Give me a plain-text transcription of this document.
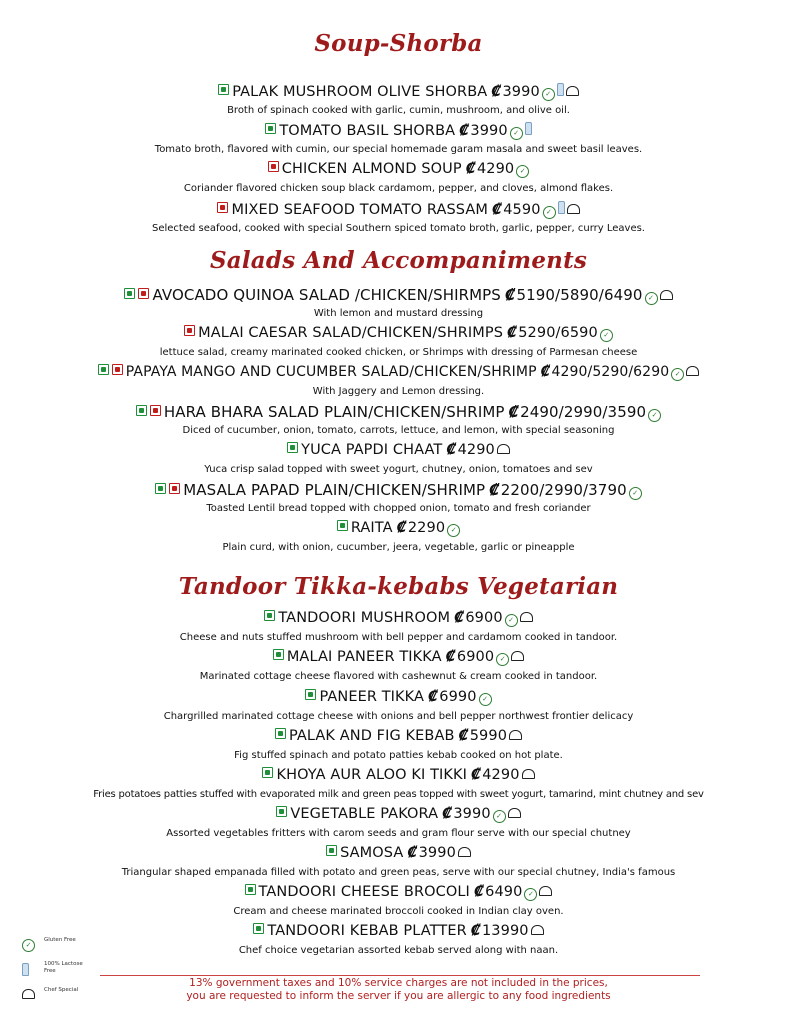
Soup-Shorba
Salads And Accompaniments
Tandoor Tikka-kebabs Vegetarian
PALAK MUSHROOM OLIVE SHORBA ₡3990 ✓
Broth of spinach cooked with garlic, cumin, mushroom, and olive oil.
TOMATO BASIL SHORBA ₡3990 ✓
Tomato broth, flavored with cumin, our special homemade garam masala and sweet basil leaves.
CHICKEN ALMOND SOUP ₡4290 ✓
Coriander flavored chicken soup black cardamom, pepper, and cloves, almond flakes.
MIXED SEAFOOD TOMATO RASSAM ₡4590 ✓
Selected seafood, cooked with special Southern spiced tomato broth, garlic, pepper, curry Leaves.
AVOCADO QUINOA SALAD /CHICKEN/SHIRMPS ₡5190/5890/6490 ✓
With lemon and mustard dressing
MALAI CAESAR SALAD/CHICKEN/SHRIMPS ₡5290/6590 ✓
lettuce salad, creamy marinated cooked chicken, or Shrimps with dressing of Parmesan cheese
PAPAYA MANGO AND CUCUMBER SALAD/CHICKEN/SHRIMP ₡4290/5290/6290 ✓
With Jaggery and Lemon dressing.
HARA BHARA SALAD PLAIN/CHICKEN/SHRIMP ₡2490/2990/3590 ✓
Diced of cucumber, onion, tomato, carrots, lettuce, and lemon, with special seasoning
YUCA PAPDI CHAAT ₡4290
Yuca crisp salad topped with sweet yogurt, chutney, onion, tomatoes and sev
MASALA PAPAD PLAIN/CHICKEN/SHRIMP ₡2200/2990/3790 ✓
Toasted Lentil bread topped with chopped onion, tomato and fresh coriander
RAITA ₡2290 ✓
Plain curd, with onion, cucumber, jeera, vegetable, garlic or pineapple
TANDOORI MUSHROOM ₡6900 ✓
Cheese and nuts stuffed mushroom with bell pepper and cardamom cooked in tandoor.
MALAI PANEER TIKKA ₡6900 ✓
Marinated cottage cheese flavored with cashewnut & cream cooked in tandoor.
PANEER TIKKA ₡6990 ✓
Chargrilled marinated cottage cheese with onions and bell pepper northwest frontier delicacy
PALAK AND FIG KEBAB ₡5990
Fig stuffed spinach and potato patties kebab cooked on hot plate.
KHOYA AUR ALOO KI TIKKI ₡4290
Fries potatoes patties stuffed with evaporated milk and green peas topped with sweet yogurt, tamarind, mint chutney and sev
VEGETABLE PAKORA ₡3990 ✓
Assorted vegetables fritters with carom seeds and gram flour serve with our special chutney
SAMOSA ₡3990
Triangular shaped empanada filled with potato and green peas, serve with our special chutney, India's famous
TANDOORI CHEESE BROCOLI ₡6490 ✓
Cream and cheese marinated broccoli cooked in Indian clay oven.
TANDOORI KEBAB PLATTER ₡13990
Chef choice vegetarian assorted kebab served along with naan.
✓
Gluten Free
100% Lactose Free
Chef Special
13% government taxes and 10% service charges are not included in the prices,
you are requested to inform the server if you are allergic to any food ingredients
